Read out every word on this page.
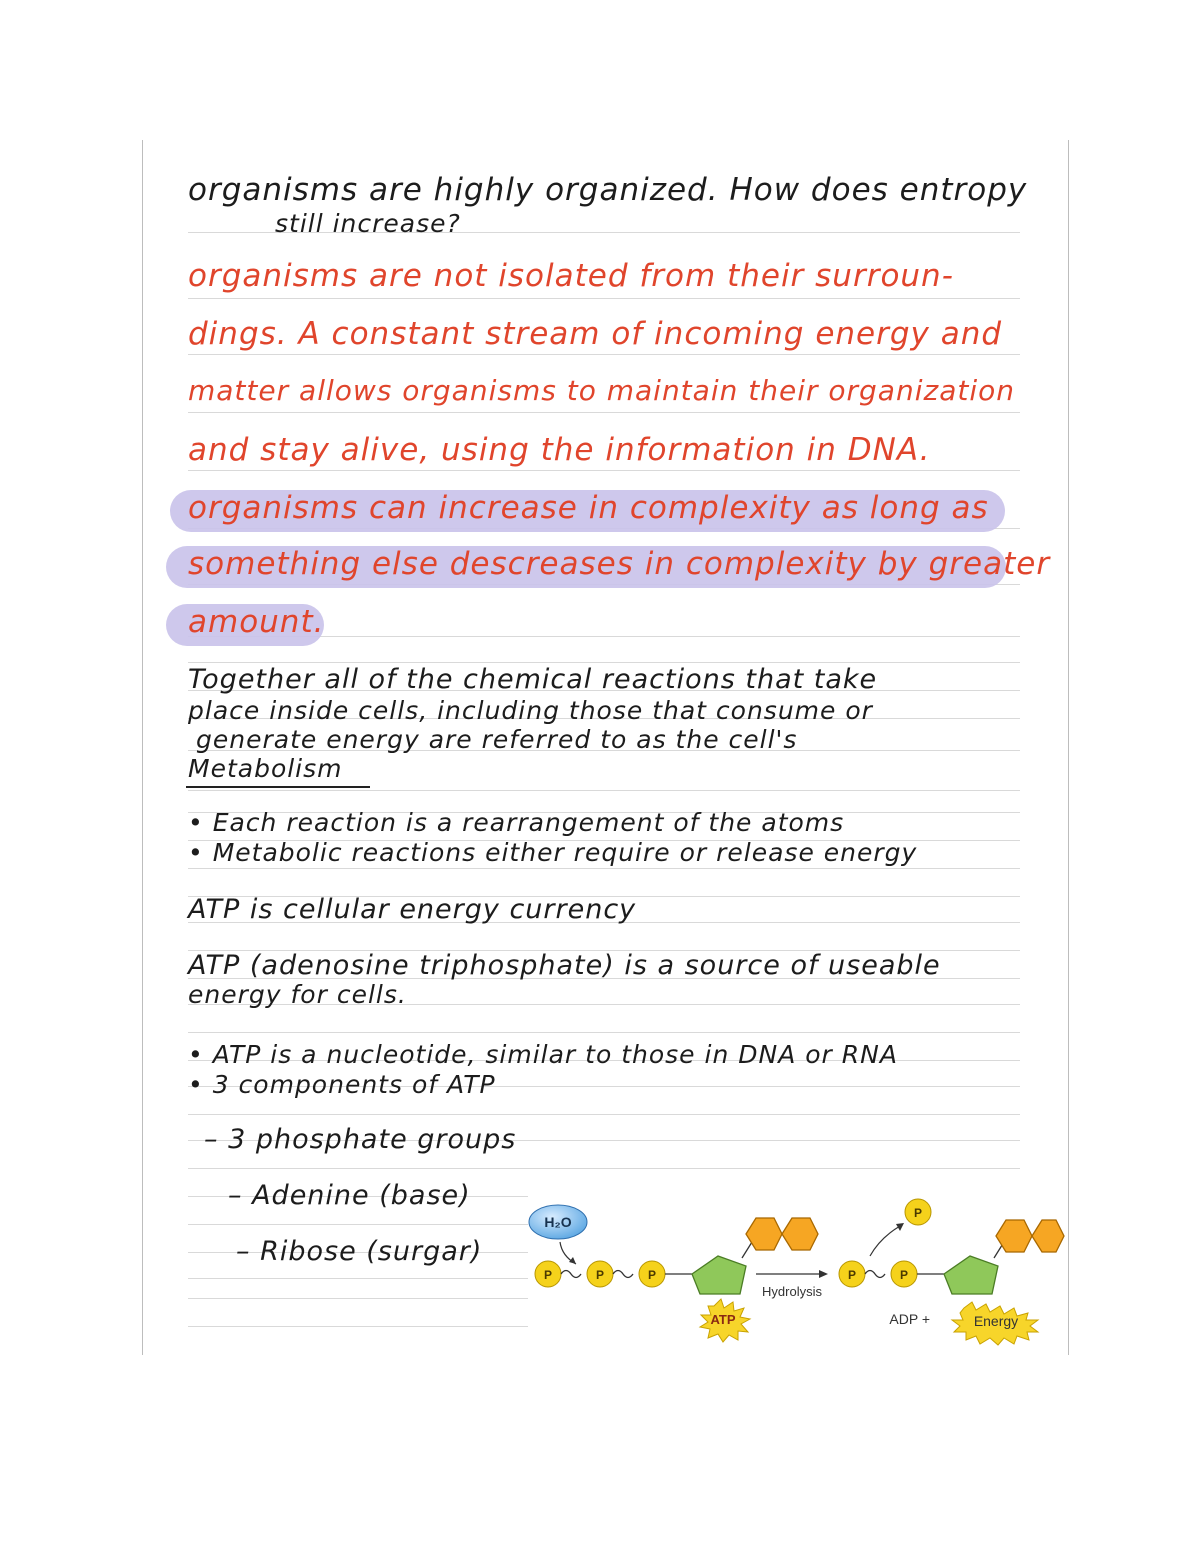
organisms are highly organized. How does entropy
still increase?
organisms are not isolated from their surroun-
dings. A constant stream of incoming energy and
matter allows organisms to maintain their organization
and stay alive, using the information in DNA.
organisms can increase in complexity as long as
something else descreases in complexity by greater
amount.
Together all of the chemical reactions that take
place inside cells, including those that consume or
generate energy are referred to as the cell's
Metabolism
• Each reaction is a rearrangement of the atoms
• Metabolic reactions either require or release energy
ATP is cellular energy currency
ATP (adenosine triphosphate) is a source of useable
energy for cells.
• ATP is a nucleotide, similar to those in DNA or RNA
• 3 components of ATP
– 3 phosphate groups
– Adenine (base)
– Ribose (surgar)
H₂O
P	P	P
ATP
Hydrolysis
P
P	P
ADP +	Energy
